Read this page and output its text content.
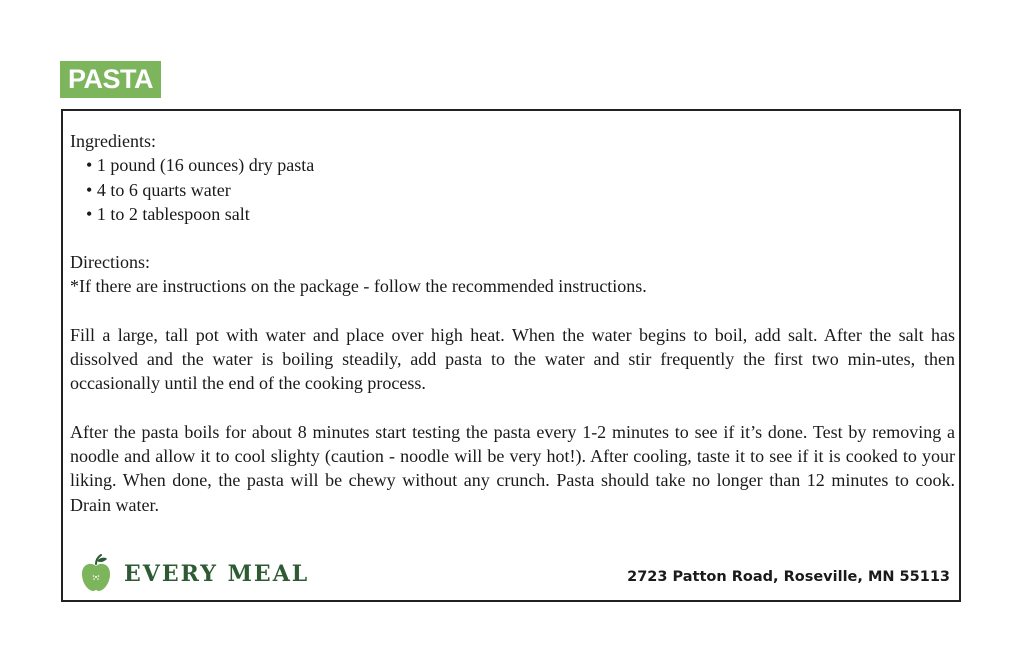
PASTA

Ingredients:

• 1 pound (16 ounces) dry pasta
• 4 to 6 quarts water
• 1 to 2 tablespoon salt

Directions:

*If there are instructions on the package - follow the recommended instructions.

Fill a large, tall pot with water and place over high heat. When the water begins to boil, add salt. After the salt has dissolved and the water is boiling steadily, add pasta to the water and stir frequently the first two min-utes, then occasionally until the end of the cooking process.

After the pasta boils for about 8 minutes start testing the pasta every 1-2 minutes to see if it’s done. Test by removing a noodle and allow it to cool slighty (caution - noodle will be very hot!). After cooling, taste it to see if it is cooked to your liking. When done, the pasta will be chewy without any crunch. Pasta should take no longer than 12 minutes to cook. Drain water.

EVERY MEAL	2723 Patton Road, Roseville, MN 55113
